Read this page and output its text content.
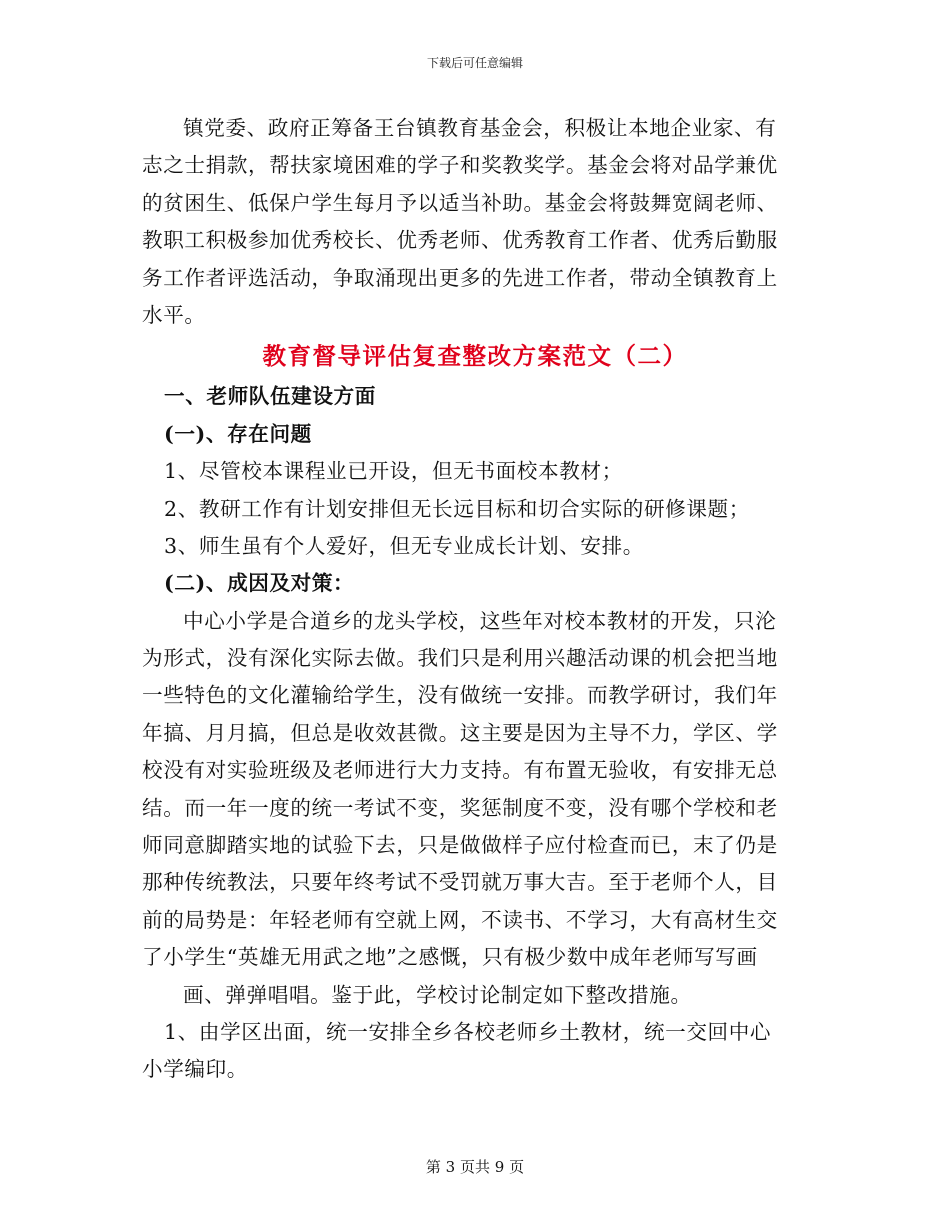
下载后可任意编辑
镇党委、政府正筹备王台镇教育基金会，积极让本地企业家、有
志之士捐款，帮扶家境困难的学子和奖教奖学。基金会将对品学兼优
的贫困生、低保户学生每月予以适当补助。基金会将鼓舞宽阔老师、
教职工积极参加优秀校长、优秀老师、优秀教育工作者、优秀后勤服
务工作者评选活动，争取涌现出更多的先进工作者，带动全镇教育上
水平。
教育督导评估复查整改方案范文（二）
一、老师队伍建设方面
(一)、存在问题
1、尽管校本课程业已开设，但无书面校本教材；
2、教研工作有计划安排但无长远目标和切合实际的研修课题；
3、师生虽有个人爱好，但无专业成长计划、安排。
(二)、成因及对策：
中心小学是合道乡的龙头学校，这些年对校本教材的开发，只沦
为形式，没有深化实际去做。我们只是利用兴趣活动课的机会把当地
一些特色的文化灌输给学生，没有做统一安排。而教学研讨，我们年
年搞、月月搞，但总是收效甚微。这主要是因为主导不力，学区、学
校没有对实验班级及老师进行大力支持。有布置无验收，有安排无总
结。而一年一度的统一考试不变，奖惩制度不变，没有哪个学校和老
师同意脚踏实地的试验下去，只是做做样子应付检查而已，末了仍是
那种传统教法，只要年终考试不受罚就万事大吉。至于老师个人，目
前的局势是：年轻老师有空就上网，不读书、不学习，大有高材生交
了小学生“英雄无用武之地”之感慨，只有极少数中成年老师写写画
画、弹弹唱唱。鉴于此，学校讨论制定如下整改措施。
1、由学区出面，统一安排全乡各校老师乡土教材，统一交回中心
小学编印。
第 3 页共 9 页
